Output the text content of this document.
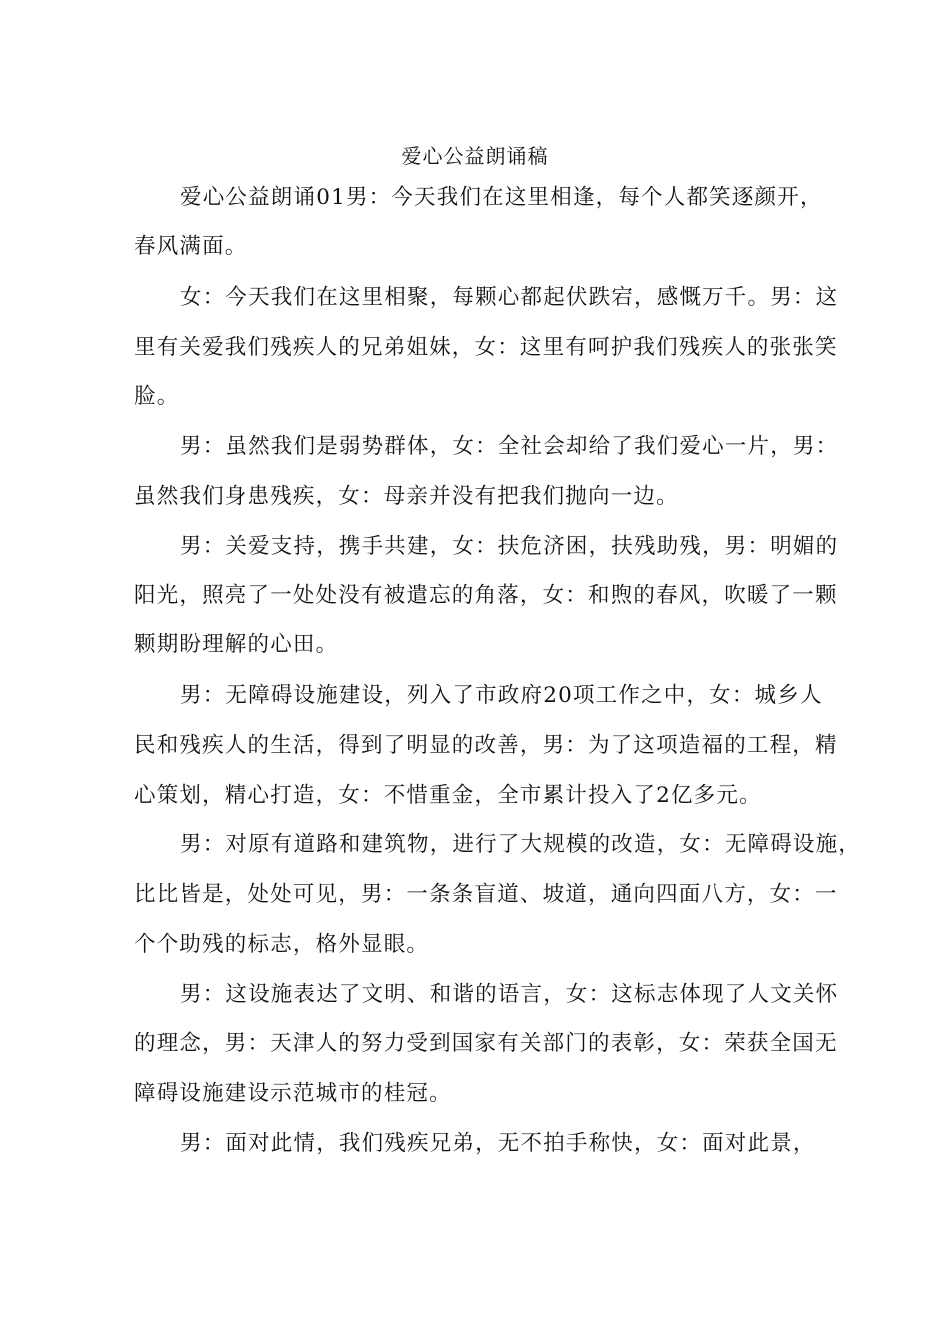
爱心公益朗诵稿
爱心公益朗诵01男：今天我们在这里相逢，每个人都笑逐颜开，
春风满面。
女：今天我们在这里相聚，每颗心都起伏跌宕，感慨万千。男：这
里有关爱我们残疾人的兄弟姐妹，女：这里有呵护我们残疾人的张张笑
脸。
男：虽然我们是弱势群体，女：全社会却给了我们爱心一片，男：
虽然我们身患残疾，女：母亲并没有把我们抛向一边。
男：关爱支持，携手共建，女：扶危济困，扶残助残，男：明媚的
阳光，照亮了一处处没有被遣忘的角落，女：和煦的春风，吹暖了一颗
颗期盼理解的心田。
男：无障碍设施建设，列入了市政府20项工作之中，女：城乡人
民和残疾人的生活，得到了明显的改善，男：为了这项造福的工程，精
心策划，精心打造，女：不惜重金，全市累计投入了2亿多元。
男：对原有道路和建筑物，进行了大规模的改造，女：无障碍设施，
比比皆是，处处可见，男：一条条盲道、坡道，通向四面八方，女：一
个个助残的标志，格外显眼。
男：这设施表达了文明、和谐的语言，女：这标志体现了人文关怀
的理念，男：天津人的努力受到国家有关部门的表彰，女：荣获全国无
障碍设施建设示范城市的桂冠。
男：面对此情，我们残疾兄弟，无不拍手称快，女：面对此景，
